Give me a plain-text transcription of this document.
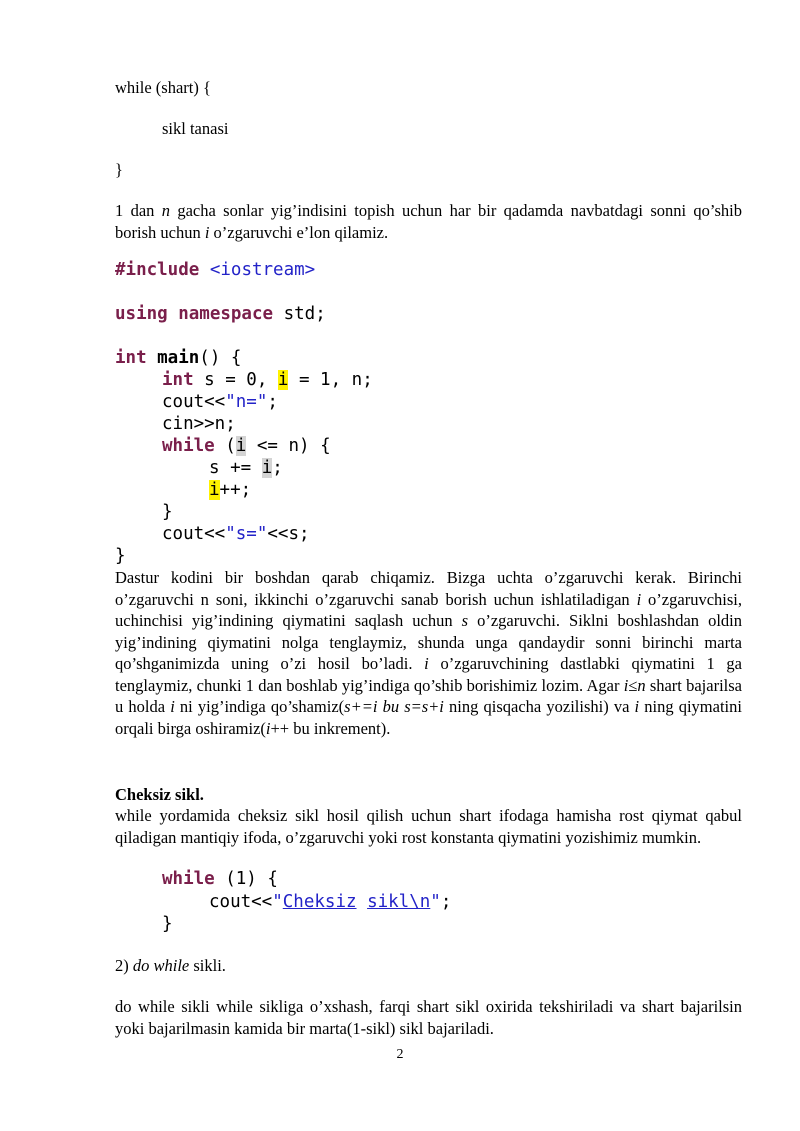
while (shart) {
sikl tanasi
}
1 dan n gacha sonlar yig’indisini topish uchun har bir qadamda navbatdagi sonni qo’shib borish uchun i o’zgaruvchi e’lon qilamiz.
#include <iostream>
using namespace std;
int main() {
int s = 0, i = 1, n;
cout<<"n=";
cin>>n;
while (i <= n) {
s += i;
i++;
}
cout<<"s="<<s;
}
Dastur kodini bir boshdan qarab chiqamiz. Bizga uchta o’zgaruvchi kerak. Birinchi o’zgaruvchi n soni, ikkinchi o’zgaruvchi sanab borish uchun ishlatiladigan i o’zgaruvchisi, uchinchisi yig’indining qiymatini saqlash uchun s o’zgaruvchi. Siklni boshlashdan oldin yig’indining qiymatini nolga tenglaymiz, shunda unga qandaydir sonni birinchi marta qo’shganimizda uning o’zi hosil bo’ladi. i o’zgaruvchining dastlabki qiymatini 1 ga tenglaymiz, chunki 1 dan boshlab yig’indiga qo’shib borishimiz lozim. Agar i≤n shart bajarilsa u holda i ni yig’indiga qo’shamiz(s+=i bu s=s+i ning qisqacha yozilishi) va i ning qiymatini orqali birga oshiramiz(i++ bu inkrement).
Cheksiz sikl.
while yordamida cheksiz sikl hosil qilish uchun shart ifodaga hamisha rost qiymat qabul qiladigan mantiqiy ifoda, o’zgaruvchi yoki rost konstanta qiymatini yozishimiz mumkin.
while (1) {
cout<<"Cheksiz sikl\n";
}
2) do while sikli.
do while sikli while sikliga o’xshash, farqi shart sikl oxirida tekshiriladi va shart bajarilsin yoki bajarilmasin kamida bir marta(1-sikl) sikl bajariladi.
2
